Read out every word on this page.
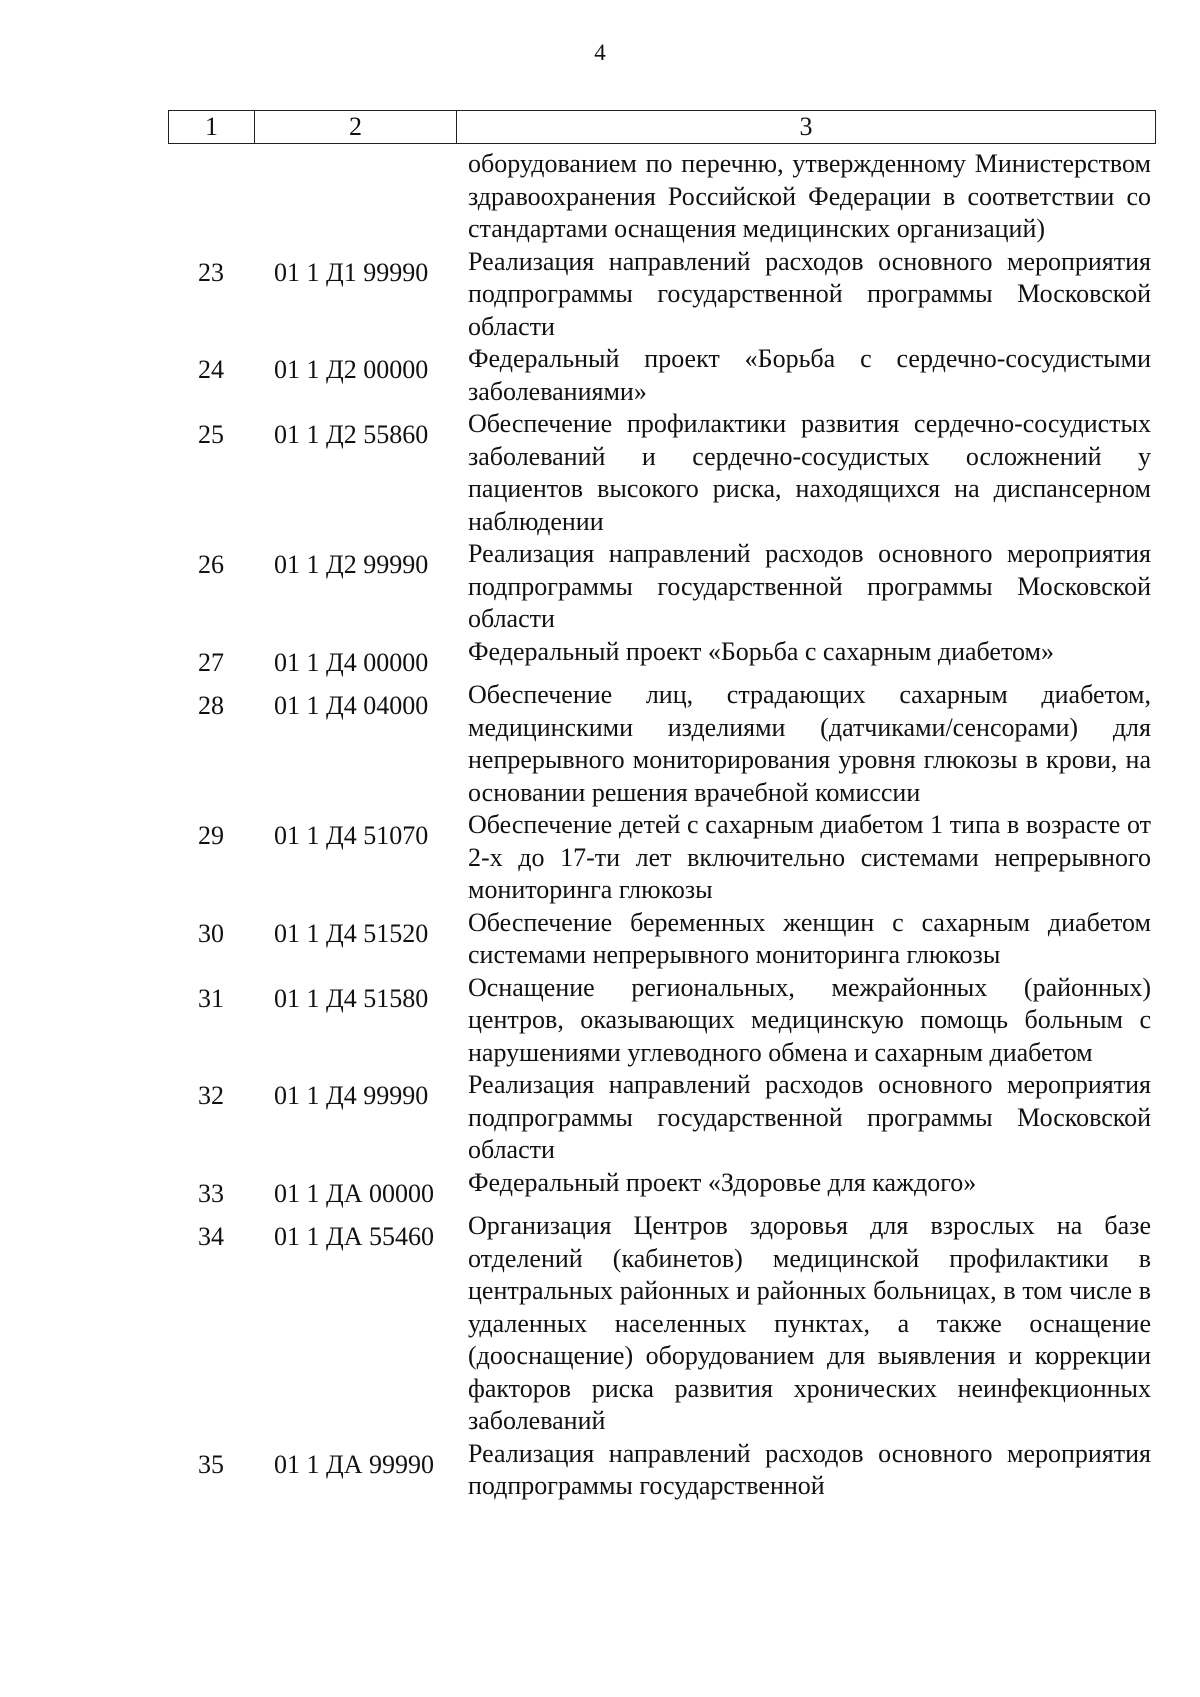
4
1	2	3
оборудованием по перечню, утвержденному Министерством здравоохранения Российской Федерации в соответствии со стандартами оснащения медицинских организаций)
23	01 1 Д1 99990	Реализация направлений расходов основного мероприятия подпрограммы государственной программы Московской области
24	01 1 Д2 00000	Федеральный проект «Борьба с сердечно-сосудистыми заболеваниями»
25	01 1 Д2 55860	Обеспечение профилактики развития сердечно-сосудистых заболеваний и сердечно-сосудистых осложнений у пациентов высокого риска, находящихся на диспансерном наблюдении
26	01 1 Д2 99990	Реализация направлений расходов основного мероприятия подпрограммы государственной программы Московской области
27	01 1 Д4 00000	Федеральный проект «Борьба с сахарным диабетом»
28	01 1 Д4 04000	Обеспечение лиц, страдающих сахарным диабетом, медицинскими изделиями (датчиками/сенсорами) для непрерывного мониторирования уровня глюкозы в крови, на основании решения врачебной комиссии
29	01 1 Д4 51070	Обеспечение детей с сахарным диабетом 1 типа в возрасте от 2-х до 17-ти лет включительно системами непрерывного мониторинга глюкозы
30	01 1 Д4 51520	Обеспечение беременных женщин с сахарным диабетом системами непрерывного мониторинга глюкозы
31	01 1 Д4 51580	Оснащение региональных, межрайонных (районных) центров, оказывающих медицинскую помощь больным с нарушениями углеводного обмена и сахарным диабетом
32	01 1 Д4 99990	Реализация направлений расходов основного мероприятия подпрограммы государственной программы Московской области
33	01 1 ДА 00000	Федеральный проект «Здоровье для каждого»
34	01 1 ДА 55460	Организация Центров здоровья для взрослых на базе отделений (кабинетов) медицинской профилактики в центральных районных и районных больницах, в том числе в удаленных населенных пунктах, а также оснащение (дооснащение) оборудованием для выявления и коррекции факторов риска развития хронических неинфекционных заболеваний
35	01 1 ДА 99990	Реализация направлений расходов основного мероприятия подпрограммы государственной
